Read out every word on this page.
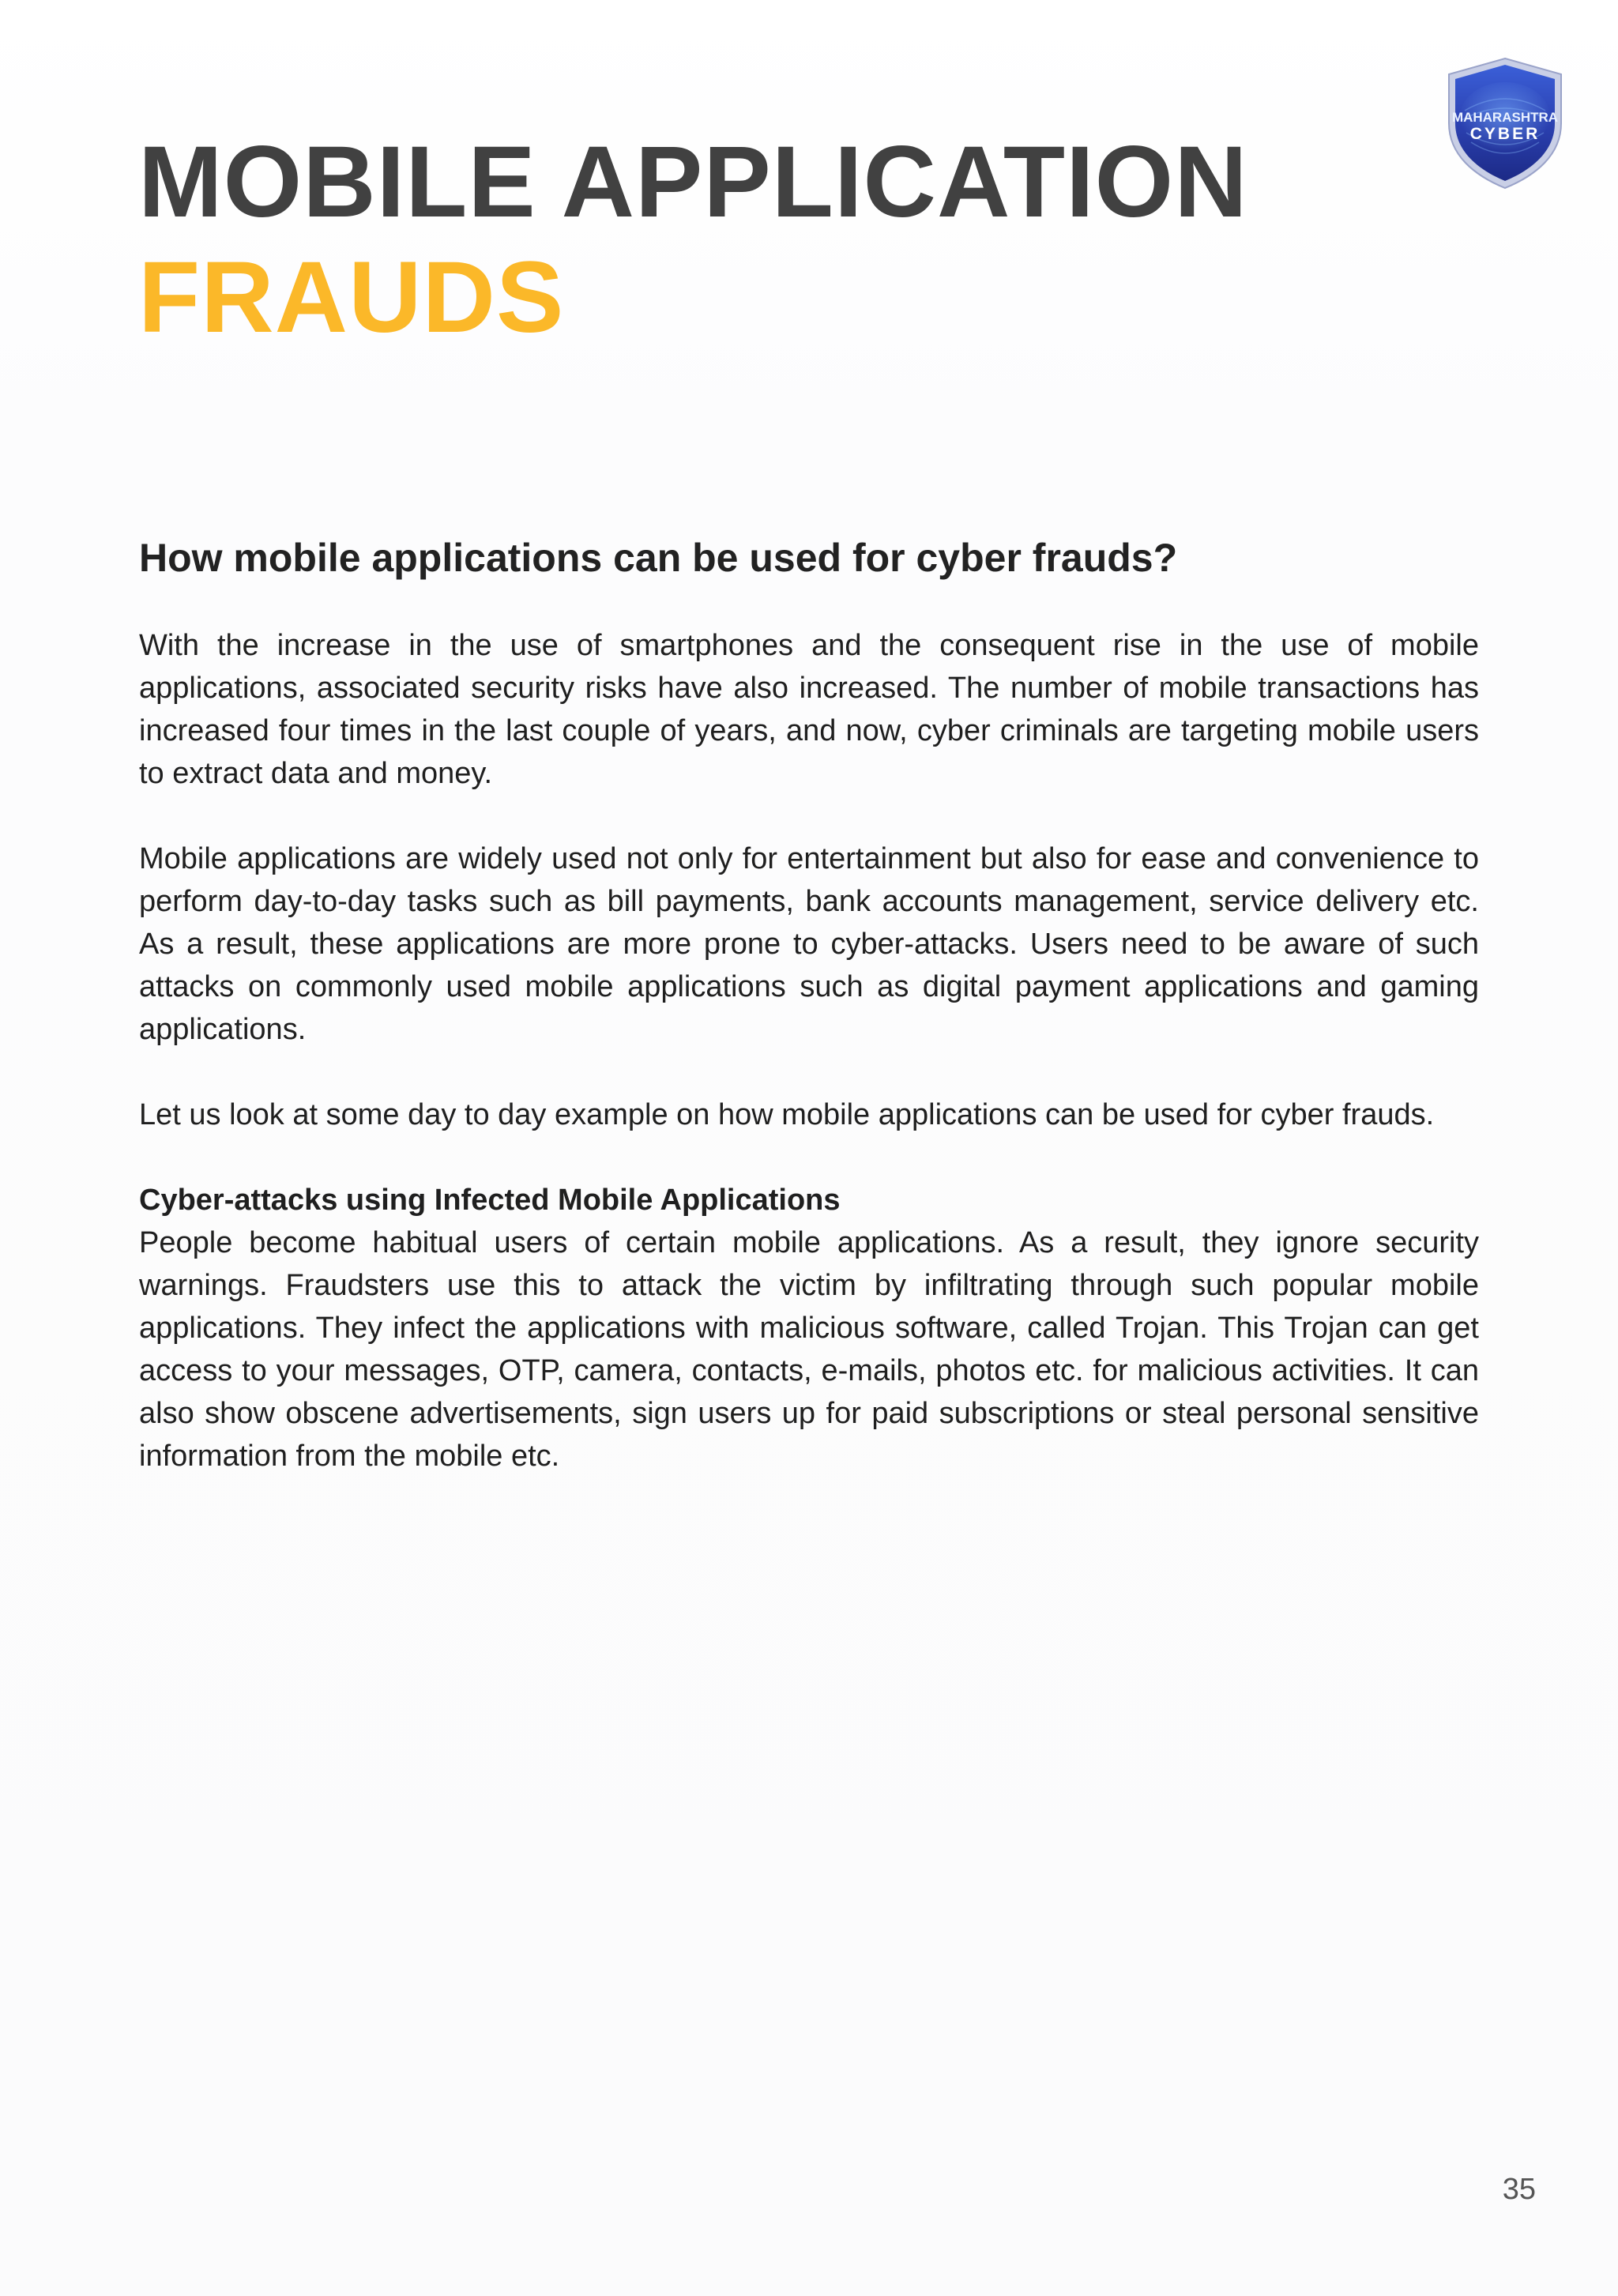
MAHARASHTRA
CYBER
MOBILE APPLICATION
FRAUDS
How mobile applications can be used for cyber frauds?

With the increase in the use of smartphones and the consequent rise in the use of mobile applications, associated security risks have also increased. The number of mobile transactions has increased four times in the last couple of years, and now, cyber criminals are targeting mobile users to extract data and money.

Mobile applications are widely used not only for entertainment but also for ease and convenience to perform day-to-day tasks such as bill payments, bank accounts management, service delivery etc. As a result, these applications are more prone to cyber-attacks. Users need to be aware of such attacks on commonly used mobile applications such as digital payment applications and gaming applications.

Let us look at some day to day example on how mobile applications can be used for cyber frauds.

Cyber-attacks using Infected Mobile Applications

People become habitual users of certain mobile applications. As a result, they ignore security warnings. Fraudsters use this to attack the victim by infiltrating through such popular mobile applications. They infect the applications with malicious software, called Trojan. This Trojan can get access to your messages, OTP, camera, contacts, e-mails, photos etc. for malicious activities. It can also show obscene advertisements, sign users up for paid subscriptions or steal personal sensitive information from the mobile etc.

35
